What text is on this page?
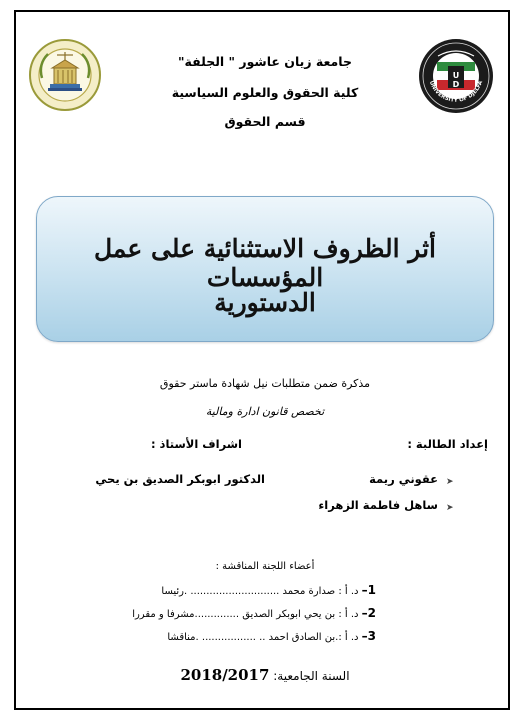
U
D
UNIVERSITY OF DJELFA
جامعة زيان عاشور " الجلفة"
كلية الحقوق والعلوم السياسية
قسم الحقوق
أثر الظروف الاستثنائية على عمل المؤسسات
الدستورية
مذكرة ضمن متطلبات نيل شهادة ماستر حقوق
تخصص قانون ادارة ومالية
إعداد الطالبة :
اشراف الأستاذ :
➤
عقوني ريمة
➤
ساهل فاطمة الزهراء
الدكتور ابوبكر الصديق بن يحي
أعضاء اللجنة المناقشة :
1– د. أ : صدارة محمد ............................ .رئيسا
2– د. أ : بن يحي ابوبكر الصديق ..............مشرفا و مقررا
3– د. أ :.بن الصادق احمد .. ................. .مناقشا
السنة الجامعية: 2018/2017
